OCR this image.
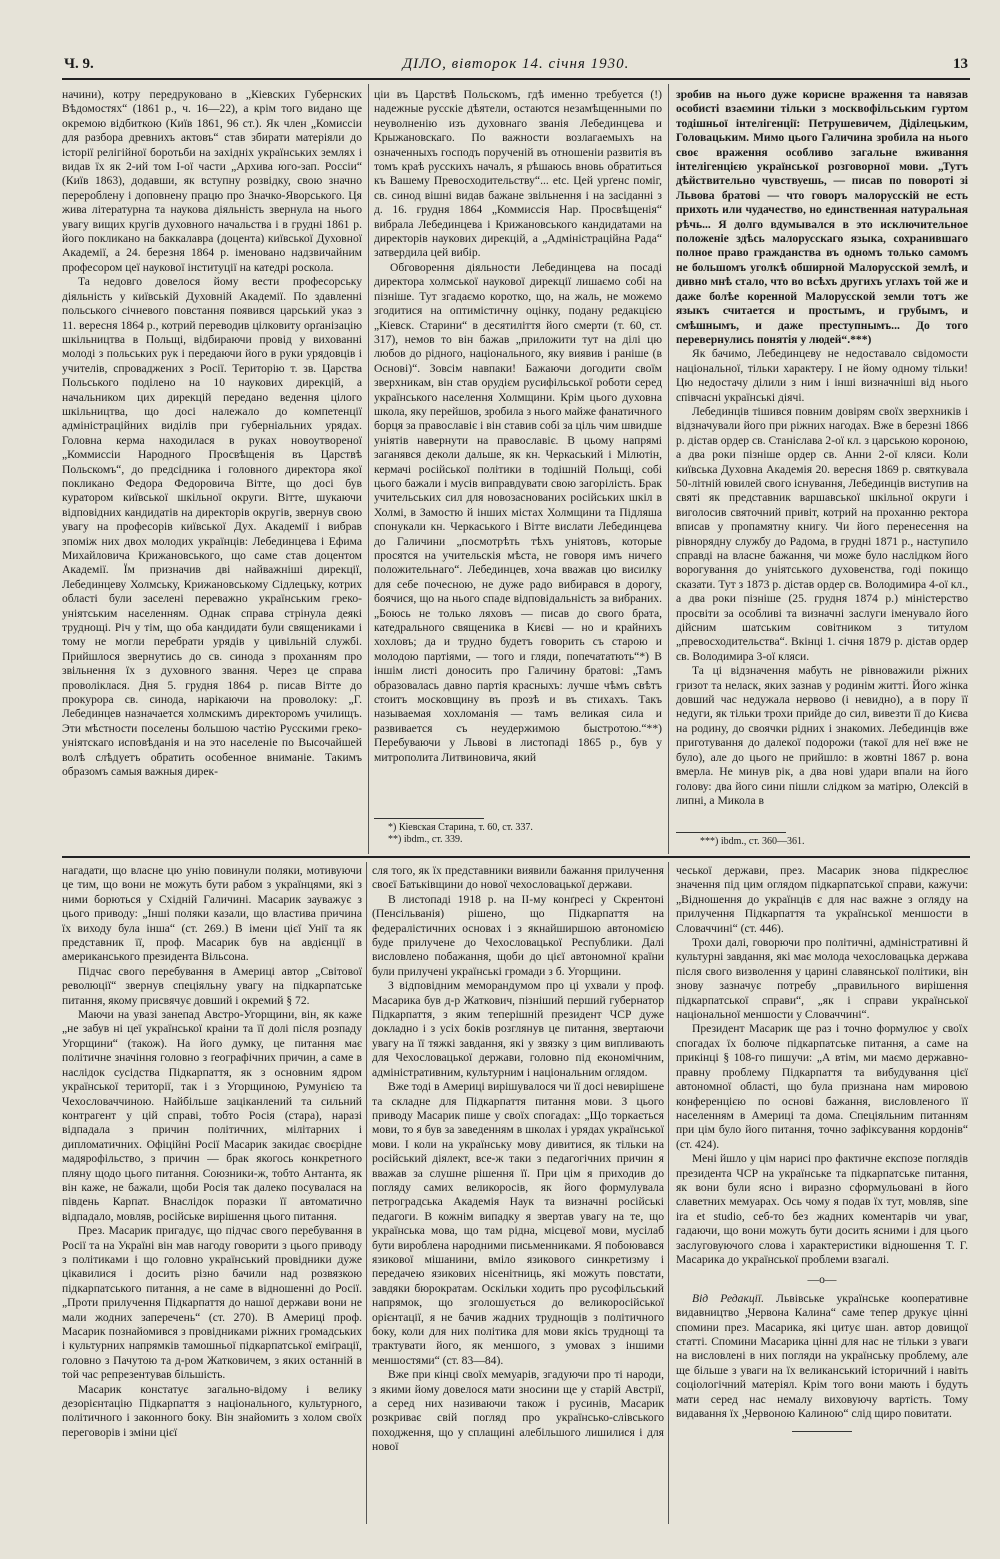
Ч. 9.	ДІЛО, вівторок 14. січня 1930.	13

начини), котру передруковано в „Кіевских Губернских Вѣдомостях“ (1861 р., ч. 16—22), а крім того видано ще окремою відбиткою (Київ 1861, 96 ст.). Як член „Комиссіи для разбора древнихъ актовъ“ став збирати матеріяли до історії релігійної боротьби на західніх українських землях і видав їх як 2-ий том І-ої части „Архива юго-зап. Россіи“ (Київ 1863), додавши, як вступну розвідку, свою значно перероблену і доповнену працю про Значко-Яворського. Ця жива літературна та наукова діяльність звернула на нього увагу вищих кругів духовного начальства і в грудні 1861 р. його покликано на баккалавра (доцента) київської Духовної Академії, а 24. березня 1864 р. іменовано надзвичайним професором цеї наукової інституції на катедрі роскола.

Та недовго довелося йому вести професорську діяльність у київській Духовній Академії. По здавленні польського січневого повстання появився царський указ з 11. вересня 1864 р., котрий переводив цілковиту орґанізацію шкільництва в Польщі, відбираючи провід у вихованні молоді з польських рук і передаючи його в руки урядовців і учителів, спроваджених з Росії. Територію т. зв. Царства Польського поділено на 10 наукових дирекцій, а начальником цих дирекцій передано ведення цілого шкільництва, що досі належало до компетенції адміністраційних виділів при губерніальних урядах. Головна керма находилася в руках новоутвореної „Коммиссіи Народного Просвѣщенія въ Царствѣ Польскомъ“, до предсідника і головного директора якої покликано Федора Федоровича Вітте, що досі був куратором київської шкільної округи. Вітте, шукаючи відповідних кандидатів на директорів округів, звернув свою увагу на професорів київської Дух. Академії і вибрав зпоміж них двох молодих українців: Лебединцева і Ефима Михайловича Крижановського, що саме став доцентом Академії. Їм призначив дві найважніші дирекції, Лебединцеву Холмську, Крижановському Сідлецьку, котрих області були заселені переважно українським греко-уніятським населенням. Однак справа стрінула деякі труднощі. Річ у тім, що оба кандидати були священиками і тому не могли перебрати урядів у цивільній службі. Прийшлося звернутись до св. синода з проханням про звільнення їх з духовного звання. Через це справа проволіклася. Дня 5. грудня 1864 р. писав Вітте до прокурора св. синода, нарікаючи на проволоку: „Г. Лебединцев назначается холмскимъ директоромъ училищъ. Эти мѣстности поселены большою частію Русскими греко-уніятскаго исповѣданія и на это населеніе по Высочайшей волѣ слѣдуетъ обратить особенное вниманіе. Такимъ образомъ самыя важныя дирек-

ціи въ Царствѣ Польскомъ, гдѣ именно требуется (!) надежные русскіе дѣятели, остаются незамѣщенными по неуволненію изъ духовнаго званія Лебединцева и Крыжановскаго. По важности возлагаемыхъ на означенныхъ господъ порученій въ отношеніи развитія въ томъ краѣ русскихъ началъ, я рѣшаюсь вновь обратиться къ Вашему Превосходительству“... etc. Цей урґенс поміг, св. синод вішні видав бажане звільнення і на засіданні з д. 16. грудня 1864 „Коммиссія Нар. Просвѣщенія“ вибрала Лебединцева і Крижановського кандидатами на директорів наукових дирекцій, а „Адміністраційна Рада“ затвердила цей вибір.

Обговорення діяльности Лебединцева на посаді директора холмської наукової дирекції лишаємо собі на пізніше. Тут згадаємо коротко, що, на жаль, не можемо згодитися на оптимістичну оцінку, подану редакцією „Кіевск. Старини“ в десятиліття його смерти (т. 60, ст. 317), немов то він бажав „приложити тут на ділі цю любов до рідного, національного, яку виявив і раніше (в Основі)“. Зовсім навпаки! Бажаючи догодити своїм зверхникам, він став орудієм русифільської роботи серед українського населення Холмщини. Крім цього духовна школа, яку перейшов, зробила з нього майже фанатичного борця за православіє і він ставив собі за ціль чим швидше уніятів навернути на православіє. В цьому напрямі заганявся деколи дальше, як кн. Черкаський і Мілютін, кермачі російської політики в тодішній Польщі, собі цього бажали і мусів виправдувати свою загорілість. Брак учительських сил для новозаснованих російських шкіл в Холмі, в Замостю й інших містах Холмщини та Підляша спонукали кн. Черкаського і Вітте вислати Лебединцева до Галичини „посмотрѣть тѣхъ уніятовъ, которые просятся на учительскія мѣста, не говоря имъ ничего положительнаго“. Лебединцев, хоча вважав цю висилку для себе почесною, не дуже радо вибирався в дорогу, боячися, що на нього спаде відповідальність за вибраних. „Боюсь не только ляховъ — писав до свого брата, катедрального священика в Києві — но и крайнихъ хохловъ; да и трудно будетъ говорить съ старою и молодою партіями, — того и гляди, попечататють“*) В іншім листі доносить про Галичину братові: „Тамъ образовалась давно партія красныхъ: лучше чѣмъ свѣтъ стоитъ московщину въ прозѣ и въ стихахъ. Такъ называемая хохломанія — тамъ великая сила и развивается съ неудержимою быстротою.“**) Перебуваючи у Львові в листопаді 1865 р., був у митрополита Литвиновича, який

*) Кіевская Старина, т. 60, ст. 337.
**) ibdm., ст. 339.

зробив на нього дуже корисне враження та навязав особисті взаємини тільки з москвофільським гуртом тодішньої інтелігенції: Петрушевичем, Діділецьким, Головацьким. Мимо цього Галичина зробила на нього своє враження особливо загальне вживання інтелігенцією української розговорної мови. „Тутъ дѣйствительно чувствуешь, — писав по повороті зі Львова братові — что говоръ малорусскій не есть прихоть или чудачество, но единственная натуральная рѣчь... Я долго вдумывался в это исключительное положеніе здѣсь малорусскаго языка, сохранившаго полное право гражданства въ одномъ только самомъ не большомъ уголкѣ обширной Малорусской землѣ, и дивно мнѣ стало, что во всѣхъ другихъ углахъ той же и даже болѣе коренной Малорусской земли тотъ же языкъ считается и простымъ, и грубымъ, и смѣшнымъ, и даже преступнымъ... До того перевернулись понятія у людей“.***)

Як бачимо, Лебединцеву не недоставало свідомости національної, тільки характеру. І не йому одному тільки! Цю недостачу ділили з ним і інші визначніші від нього співчасні українські діячі.

Лебединців тішився повним довірям своїх зверхників і відзначували його при ріжних нагодах. Вже в березні 1866 р. дістав ордер св. Станіслава 2-ої кл. з царською короною, а два роки пізніше ордер св. Анни 2-ої кляси. Коли київська Духовна Академія 20. вересня 1869 р. святкувала 50-літній ювилей свого існування, Лебединців виступив на святі як представник варшавської шкільної округи і виголосив святочний привіт, котрий на проханню ректора вписав у пропамятну книгу. Чи його перенесення на рівнорядну службу до Радома, в грудні 1871 р., наступило справді на власне бажання, чи може було наслідком його ворогування до уніятського духовенства, годі покищо сказати. Тут з 1873 р. дістав ордер св. Володимира 4-ої кл., а два роки пізніше (25. грудня 1874 р.) міністерство просвіти за особливі та визначні заслуги іменувало його дійсним шатським совітником з титулом „превосходительства“. Вкінці 1. січня 1879 р. дістав ордер св. Володимира 3-ої кляси.

Та ці відзначення мабуть не рівноважили ріжних гризот та неласк, яких зазнав у родинім житті. Його жінка довший час недужала нервово (і невидно), а в пору її недуги, як тільки трохи прийде до сил, вивезти її до Києва на родину, до своячки рідних і знакомих. Лебединців вже приготування до далекої подорожи (такої для неї вже не було), але до цього не прийшло: в жовтні 1867 р. вона вмерла. Не минув рік, а два нові удари впали на його голову: два його сини пішли слідком за матірю, Олексій в липні, а Микола в

***) ibdm., ст. 360—361.

нагадати, що власне цю унію повинули поляки, мотивуючи це тим, що вони не можуть бути рабом з українцями, які з ними борються у Східній Галичині. Масарик зауважує з цього приводу: „Інші поляки казали, що властива причина їх виходу була інша“ (ст. 269.) В імени цієї Унії та як представник її, проф. Масарик був на авдієнції в американського президента Вільсона.

Підчас свого перебування в Америці автор „Світової революції“ звернув спеціяльну увагу на підкарпатське питання, якому присвячує довший і окремий § 72.

Маючи на увазі занепад Австро-Угорщини, він, як каже „не забув ні цеї української краіни та її долі після розпаду Угорщини“ (також). На його думку, це питання має політичне значіння головно з ґеографічних причин, а саме в наслідок сусідства Підкарпаття, як з основним ядром української території, так і з Угорщиною, Румунією та Чехословаччиною. Найбільше заціканлений та сильний контрагент у цій справі, тобто Росія (стара), наразі відпадала з причин політичних, мілітарних і дипломатичних. Офіційні Росії Масарик закидає своєрідне мадярофільство, з причин — брак якогось конкретного пляну щодо цього питання. Союзники-ж, тобто Антанта, як він каже, не бажали, щоби Росія так далеко посувалася на південь Карпат. Внаслідок поразки її автоматично відпадало, мовляв, російське вирішення цього питання.

През. Масарик пригадує, що підчас свого перебування в Росії та на Україні він мав нагоду говорити з цього приводу з політиками і що головно український провідники дуже цікавилися і досить різно бачили над розвязкою підкарпатського питання, а не саме в відношенні до Росії. „Проти прилучення Підкарпаття до нашої держави вони не мали жодних заперечень“ (ст. 270). В Америці проф. Масарик познайомився з провідниками ріжних громадських і культурних напрямків тамошньої підкарпатської еміґрації, головно з Пачутою та д-ром Жатковичем, з яких останній в той час репрезентував більшість.

Масарик констатує загально-відому і велику дезорієнтацію Підкарпаття з національного, культурного, політичного і законного боку. Він знайомить з холом своїх переговорів і зміни цієї

сля того, як їх представники виявили бажання прилучення своєї Батьківщини до нової чехословацької держави.

В листопаді 1918 р. на ІІ-му конґресі у Скрентоні (Пенсільванія) рішено, що Підкарпаття на федералістичних основах і з якнайширшою автономією буде прилучене до Чехословацької Республики. Далі висловлено побажання, щоби до цієї автономної країни були прилучені українські громади з б. Угорщини.

З відповідним меморандумом про ці ухвали у проф. Масарика був д-р Жаткович, пізніший перший губернатор Підкарпаття, з яким теперішній президент ЧСР дуже докладно і з усіх боків розглянув це питання, звертаючи увагу на її тяжкі завдання, які у звязку з цим випливають для Чехословацької держави, головно під економічним, адміністративним, культурним і національним оглядом.

Вже тоді в Америці вирішувалося чи її досі невирішене та складне для Підкарпаття питання мови. З цього приводу Масарик пише у своїх спогадах: „Що торкається мови, то я був за заведенням в школах і урядах української мови. І коли на українську мову дивитися, як тільки на російський діялект, все-ж таки з педагогічних причин я вважав за слушне рішення її. При цім я приходив до погляду самих великоросів, як його формулувала петроградська Академія Наук та визначні російські педагоги. В кожнім випадку я звертав увагу на те, що українська мова, що там рідна, місцевої мови, мусілаб бути вироблена народними письменниками. Я побоювався язикової мішанини, вміло язикового синкретизму і передачею язикових нісенітниць, які можуть повстати, завдяки бюрократам. Оскільки ходить про русофільський напрямок, що зголошується до великоросійської орієнтації, я не бачив жадних труднощів з політичного боку, коли для них політика для мови якісь труднощі та трактувати його, як меншого, з умовах з іншими меншостями“ (ст. 83—84).

Вже при кінці своїх мемуарів, згадуючи про ті народи, з якими йому довелося мати зносини ще у старій Австрії, а серед них називаючи також і русинів, Масарик розкриває свій погляд про українсько-слівського походження, що у сплащині алебільшого лишилися і для нової

чеської держави, през. Масарик знова підкреслює значення під цим оглядом підкарпатської справи, кажучи: „Відношення до українців є для нас важне з огляду на прилучення Підкарпаття та української меншости в Словаччині“ (ст. 446).

Трохи далі, говорючи про політичні, адміністративні й культурні завдання, які має молода чехословацька держава після свого визволення у царині славянської політики, він знову зазначує потребу „правильного вирішення підкарпатської справи“, „як і справи української національної меншости у Словаччині“.

Президент Масарик ще раз і точно формулює у своїх спогадах їх болюче підкарпатське питання, а саме на прикінці § 108-го пишучи: „А втім, ми маємо державно-правну проблему Підкарпаття та вибудування цієї автономної області, що була признана нам мировою конференцією по основі бажання, висловленого її населенням в Америці та дома. Спеціяльним питанням при цім було його питання, точно зафіксування кордонів“ (ст. 424).

Мені йшло у цім нарисі про фактичне експозе поглядів президента ЧСР на українське та підкарпатське питання, як вони були ясно і виразно сформульовані в його славетних мемуарах. Ось чому я подав їх тут, мовляв, sine ira et studio, себ-то без жадних коментарів чи уваг, гадаючи, що вони можуть бути досить ясними і для цього заслуговуючого слова і характеристики відношення Т. Г. Масарика до української проблеми взагалі.

—o—

Від Редакції. Львівське українське кооперативне видавництво „Червона Калина“ саме тепер друкує цінні спомини през. Масарика, які цитує шан. автор довищої статті. Спомини Масарика цінні для нас не тільки з уваги на висловлені в них погляди на українську проблему, але ще більше з уваги на їх великанський історичний і навіть соціологічний матеріял. Крім того вони мають і будуть мати серед нас немалу виховуючу вартість. Тому видавання їх „Червоною Калиною“ слід щиро повитати.
